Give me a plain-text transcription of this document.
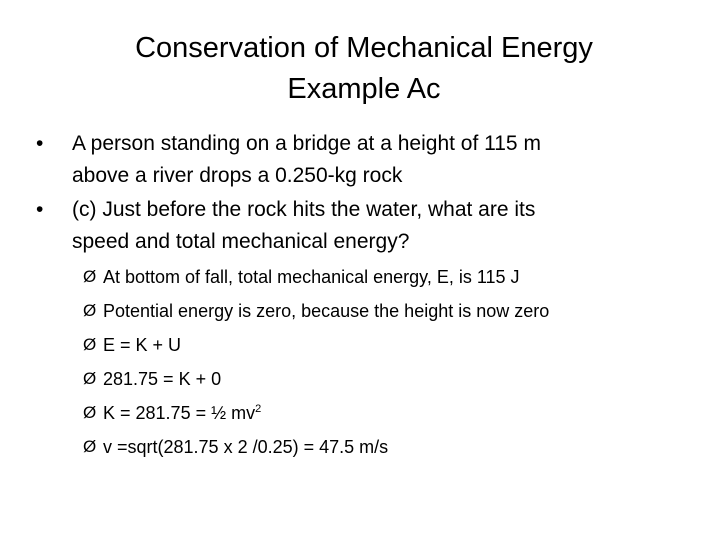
Conservation of Mechanical Energy
Example Ac
•	A person standing on a bridge at a height of 115 m
above a river drops a 0.250-kg rock
•	(c) Just before the rock hits the water, what are its
speed and total mechanical energy?
Ø At bottom of fall, total mechanical energy, E, is 115 J
Ø Potential energy is zero, because the height is now zero
Ø E = K + U
Ø 281.75 = K + 0
Ø K = 281.75 = ½ $mv^2$
Ø v =sqrt(281.75 x 2 /0.25) = 47.5 m/s
